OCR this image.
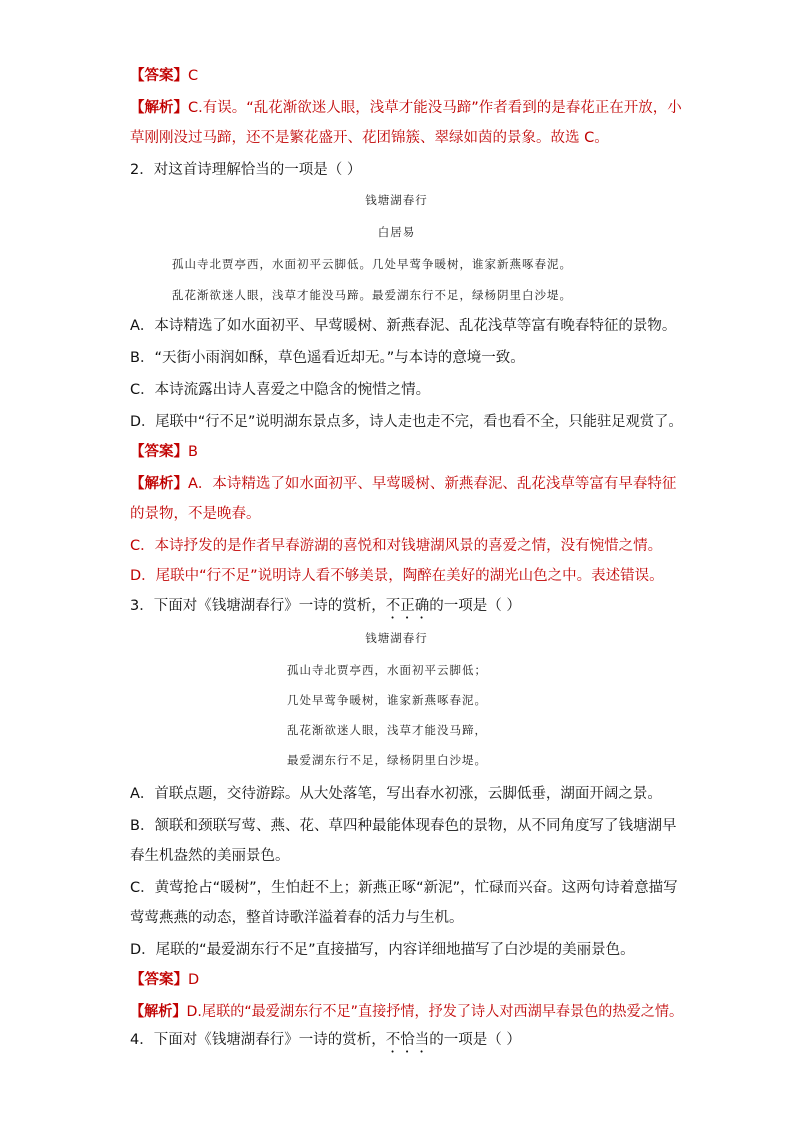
【答案】C
【解析】C.有误。“乱花渐欲迷人眼，浅草才能没马蹄”作者看到的是春花正在开放，小
草刚刚没过马蹄，还不是繁花盛开、花团锦簇、翠绿如茵的景象。故选 C。
2．对这首诗理解恰当的一项是（ ）
钱塘湖春行
白居易
孤山寺北贾亭西，水面初平云脚低。几处早莺争暖树，谁家新燕啄春泥。
乱花渐欲迷人眼，浅草才能没马蹄。最爱湖东行不足，绿杨阴里白沙堤。
A．本诗精选了如水面初平、早莺暖树、新燕春泥、乱花浅草等富有晚春特征的景物。
B．“天街小雨润如酥，草色遥看近却无。”与本诗的意境一致。
C．本诗流露出诗人喜爱之中隐含的惋惜之情。
D．尾联中“行不足”说明湖东景点多，诗人走也走不完，看也看不全，只能驻足观赏了。
【答案】B
【解析】A．本诗精选了如水面初平、早莺暖树、新燕春泥、乱花浅草等富有早春特征
的景物，不是晚春。
C．本诗抒发的是作者早春游湖的喜悦和对钱塘湖风景的喜爱之情，没有惋惜之情。
D．尾联中“行不足”说明诗人看不够美景，陶醉在美好的湖光山色之中。表述错误。
3．下面对《钱塘湖春行》一诗的赏析，不正确的一项是（ ）
钱塘湖春行
孤山寺北贾亭西，水面初平云脚低；
几处早莺争暖树，谁家新燕啄春泥。
乱花渐欲迷人眼，浅草才能没马蹄，
最爱湖东行不足，绿杨阴里白沙堤。
A．首联点题，交待游踪。从大处落笔，写出春水初涨，云脚低垂，湖面开阔之景。
B．颔联和颈联写莺、燕、花、草四种最能体现春色的景物，从不同角度写了钱塘湖早
春生机盎然的美丽景色。
C．黄莺抢占“暖树”，生怕赶不上；新燕正啄“新泥”，忙碌而兴奋。这两句诗着意描写
莺莺燕燕的动态，整首诗歌洋溢着春的活力与生机。
D．尾联的“最爱湖东行不足”直接描写，内容详细地描写了白沙堤的美丽景色。
【答案】D
【解析】D.尾联的“最爱湖东行不足”直接抒情，抒发了诗人对西湖早春景色的热爱之情。
4．下面对《钱塘湖春行》一诗的赏析，不恰当的一项是（ ）
